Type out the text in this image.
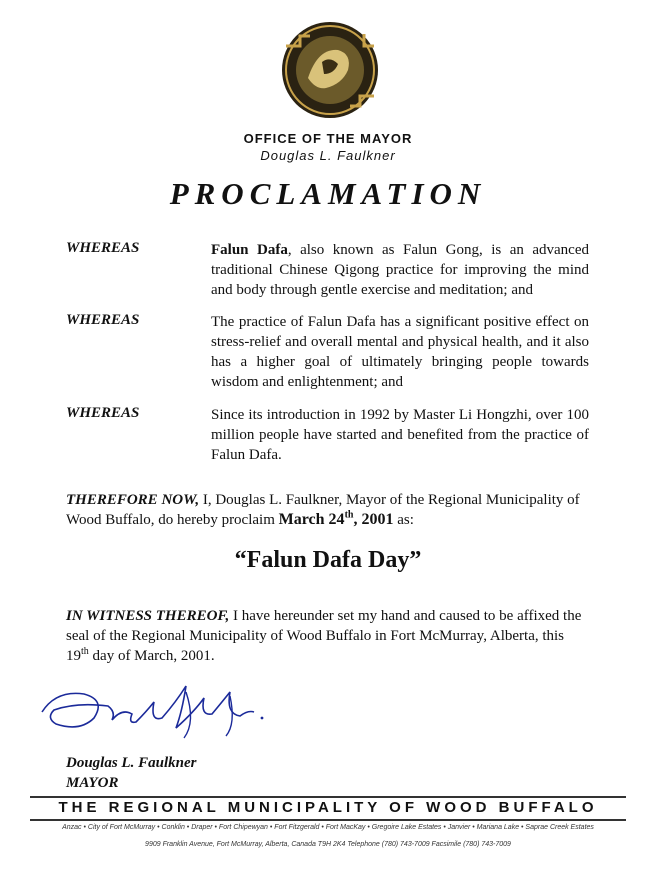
OFFICE OF THE MAYOR
Douglas L. Faulkner
PROCLAMATION
WHEREAS	Falun Dafa, also known as Falun Gong, is an advanced traditional Chinese Qigong practice for improving the mind and body through gentle exercise and meditation; and
WHEREAS	The practice of Falun Dafa has a significant positive effect on stress-relief and overall mental and physical health, and it also has a higher goal of ultimately bringing people towards wisdom and enlightenment; and
WHEREAS	Since its introduction in 1992 by Master Li Hongzhi, over 100 million people have started and benefited from the practice of Falun Dafa.
THEREFORE NOW, I, Douglas L. Faulkner, Mayor of the Regional Municipality of Wood Buffalo, do hereby proclaim March 24th, 2001 as:
“Falun Dafa Day”
IN WITNESS THEREOF, I have hereunder set my hand and caused to be affixed the seal of the Regional Municipality of Wood Buffalo in Fort McMurray, Alberta, this 19th day of March, 2001.
Douglas L. Faulkner
MAYOR
THE REGIONAL MUNICIPALITY OF WOOD BUFFALO
Anzac • City of Fort McMurray • Conklin • Draper • Fort Chipewyan • Fort Fitzgerald • Fort MacKay • Gregoire Lake Estates • Janvier • Mariana Lake • Saprae Creek Estates
9909 Franklin Avenue, Fort McMurray, Alberta, Canada T9H 2K4 Telephone (780) 743-7009 Facsimile (780) 743-7009
